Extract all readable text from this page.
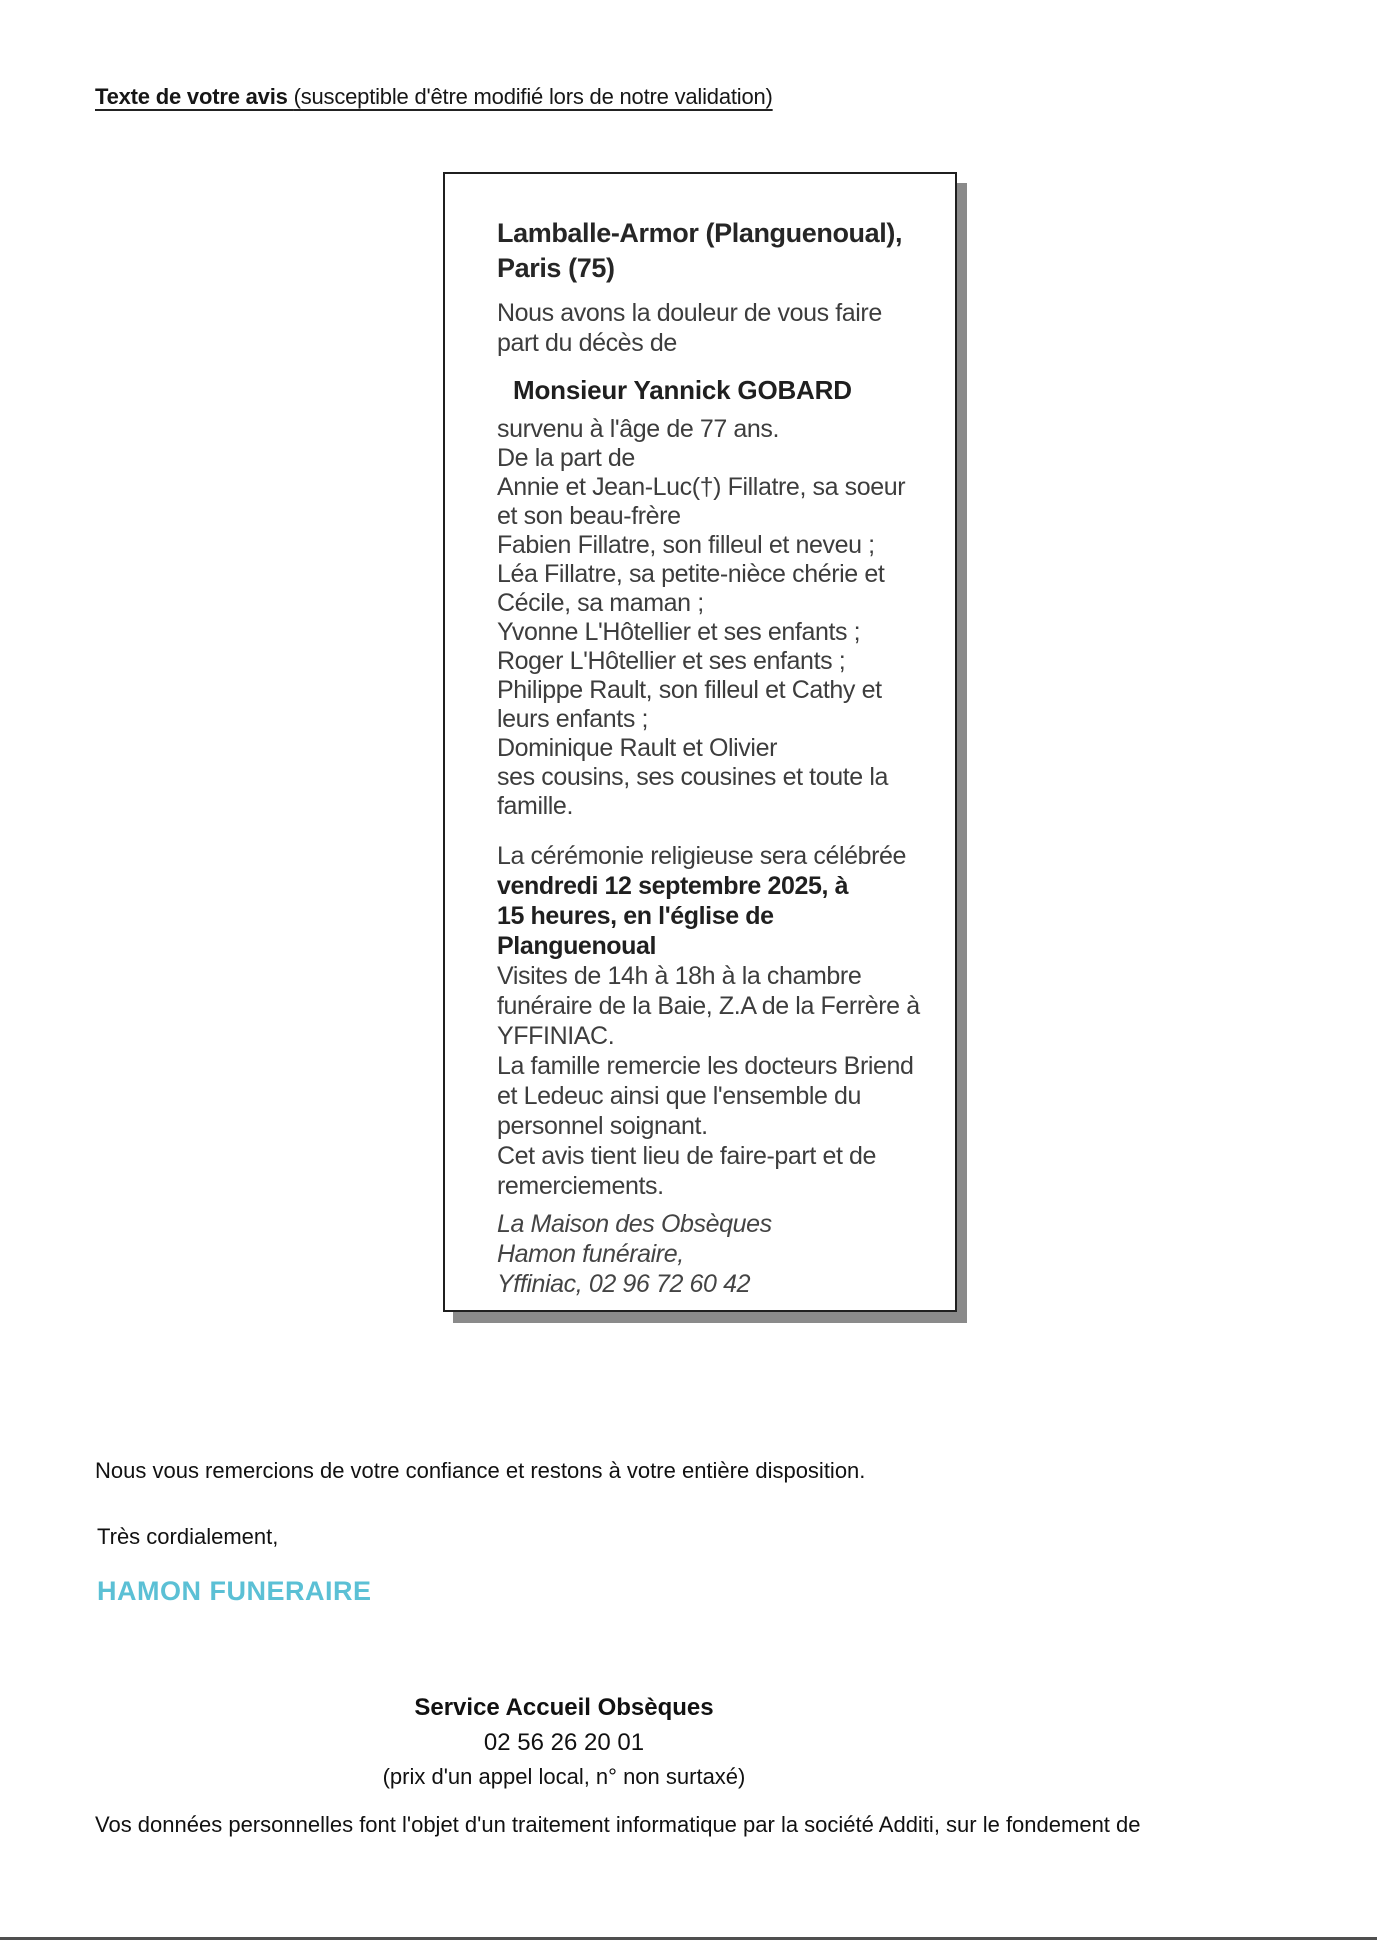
Texte de votre avis (susceptible d'être modifié lors de notre validation)
Lamballe-Armor (Planguenoual),
Paris (75)
Nous avons la douleur de vous faire
part du décès de
Monsieur Yannick GOBARD
survenu à l'âge de 77 ans.
De la part de
Annie et Jean-Luc(†) Fillatre, sa soeur
et son beau-frère
Fabien Fillatre, son filleul et neveu ;
Léa Fillatre, sa petite-nièce chérie et
Cécile, sa maman ;
Yvonne L'Hôtellier et ses enfants ;
Roger L'Hôtellier et ses enfants ;
Philippe Rault, son filleul et Cathy et
leurs enfants ;
Dominique Rault et Olivier
ses cousins, ses cousines et toute la
famille.
La cérémonie religieuse sera célébrée
vendredi 12 septembre 2025, à
15 heures, en l'église de
Planguenoual
Visites de 14h à 18h à la chambre
funéraire de la Baie, Z.A de la Ferrère à
YFFINIAC.
La famille remercie les docteurs Briend
et Ledeuc ainsi que l'ensemble du
personnel soignant.
Cet avis tient lieu de faire-part et de
remerciements.
La Maison des Obsèques
Hamon funéraire,
Yffiniac, 02 96 72 60 42
Nous vous remercions de votre confiance et restons à votre entière disposition.
Très cordialement,
HAMON FUNERAIRE
Service Accueil Obsèques
02 56 26 20 01
(prix d'un appel local, n° non surtaxé)
Vos données personnelles font l'objet d'un traitement informatique par la société Additi, sur le fondement de
